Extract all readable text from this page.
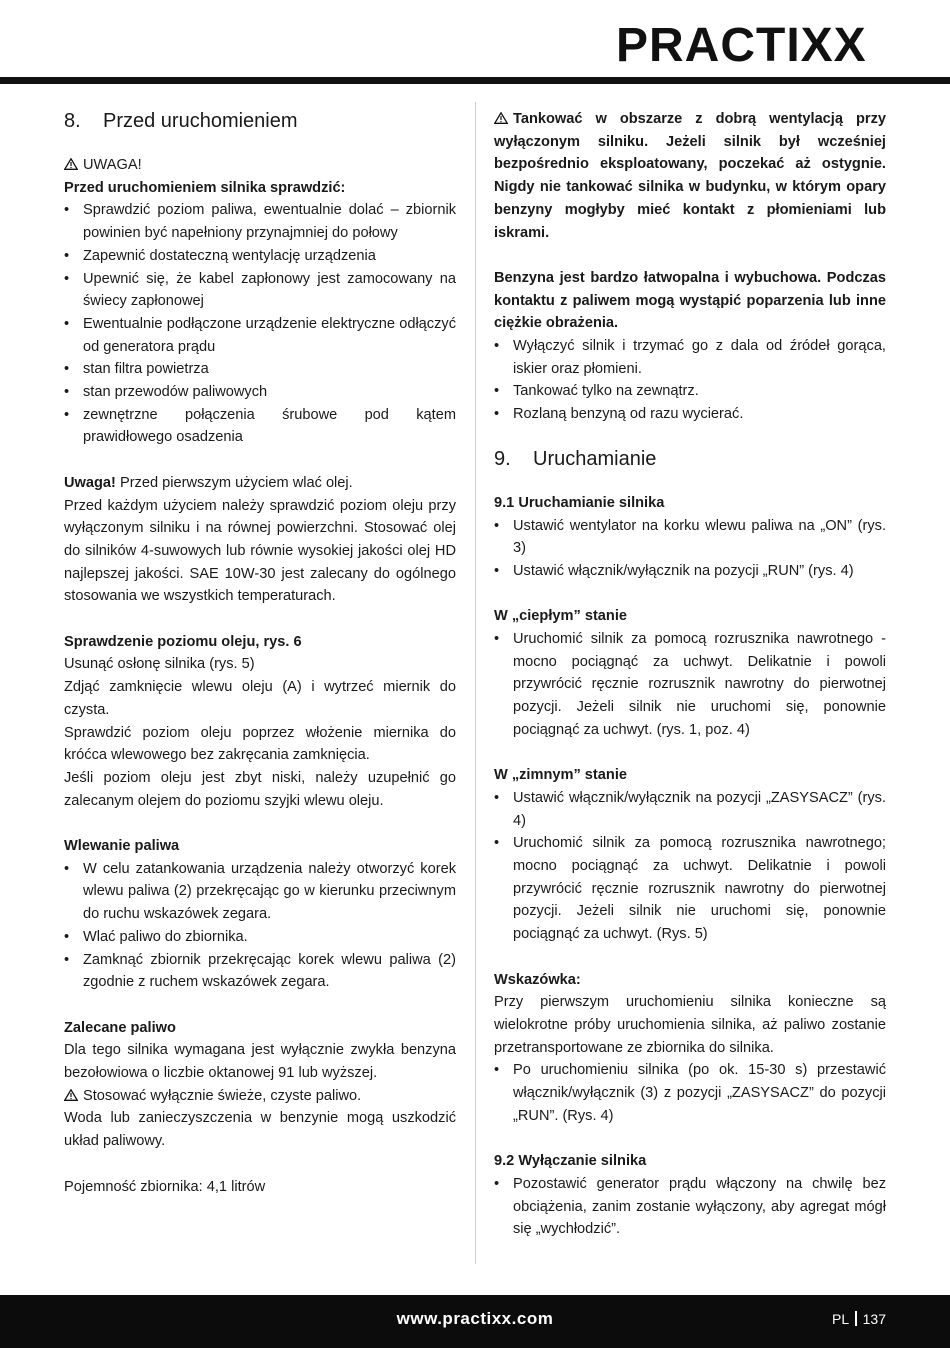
PRACTIXX
8.	Przed uruchomieniem

UWAGA!

Przed uruchomieniem silnika sprawdzić:

• Sprawdzić poziom paliwa, ewentualnie dolać – zbiornik powinien być napełniony przynajmniej do połowy
• Zapewnić dostateczną wentylację urządzenia
• Upewnić się, że kabel zapłonowy jest zamocowany na świecy zapłonowej
• Ewentualnie podłączone urządzenie elektryczne odłączyć od generatora prądu
• stan filtra powietrza
• stan przewodów paliwowych
• zewnętrzne połączenia śrubowe pod kątem prawidłowego osadzenia

Uwaga! Przed pierwszym użyciem wlać olej.

Przed każdym użyciem należy sprawdzić poziom oleju przy wyłączonym silniku i na równej powierzchni. Stosować olej do silników 4-suwowych lub równie wysokiej jakości olej HD najlepszej jakości. SAE 10W-30 jest zalecany do ogólnego stosowania we wszystkich temperaturach.

Sprawdzenie poziomu oleju, rys. 6

Usunąć osłonę silnika (rys. 5)

Zdjąć zamknięcie wlewu oleju (A) i wytrzeć miernik do czysta.

Sprawdzić poziom oleju poprzez włożenie miernika do króćca wlewowego bez zakręcania zamknięcia.

Jeśli poziom oleju jest zbyt niski, należy uzupełnić go zalecanym olejem do poziomu szyjki wlewu oleju.

Wlewanie paliwa

• W celu zatankowania urządzenia należy otworzyć korek wlewu paliwa (2) przekręcając go w kierunku przeciwnym do ruchu wskazówek zegara.
• Wlać paliwo do zbiornika.
• Zamknąć zbiornik przekręcając korek wlewu paliwa (2) zgodnie z ruchem wskazówek zegara.

Zalecane paliwo

Dla tego silnika wymagana jest wyłącznie zwykła benzyna bezołowiowa o liczbie oktanowej 91 lub wyższej.

Stosować wyłącznie świeże, czyste paliwo.

Woda lub zanieczyszczenia w benzynie mogą uszkodzić układ paliwowy.

Pojemność zbiornika: 4,1 litrów

Tankować w obszarze z dobrą wentylacją przy wyłączonym silniku. Jeżeli silnik był wcześniej bezpośrednio eksploatowany, poczekać aż ostygnie. Nigdy nie tankować silnika w budynku, w którym opary benzyny mogłyby mieć kontakt z płomieniami lub iskrami.

Benzyna jest bardzo łatwopalna i wybuchowa. Podczas kontaktu z paliwem mogą wystąpić poparzenia lub inne ciężkie obrażenia.

• Wyłączyć silnik i trzymać go z dala od źródeł gorąca, iskier oraz płomieni.
• Tankować tylko na zewnątrz.
• Rozlaną benzyną od razu wycierać.
9.	Uruchamianie

9.1 Uruchamianie silnika

• Ustawić wentylator na korku wlewu paliwa na „ON” (rys. 3)
• Ustawić włącznik/wyłącznik na pozycji „RUN” (rys. 4)

W „ciepłym” stanie

• Uruchomić silnik za pomocą rozrusznika nawrotnego - mocno pociągnąć za uchwyt. Delikatnie i powoli przywrócić ręcznie rozrusznik nawrotny do pierwotnej pozycji. Jeżeli silnik nie uruchomi się, ponownie pociągnąć za uchwyt. (rys. 1, poz. 4)

W „zimnym” stanie

• Ustawić włącznik/wyłącznik na pozycji „ZASYSACZ” (rys. 4)
• Uruchomić silnik za pomocą rozrusznika nawrotnego; mocno pociągnąć za uchwyt. Delikatnie i powoli przywrócić ręcznie rozrusznik nawrotny do pierwotnej pozycji. Jeżeli silnik nie uruchomi się, ponownie pociągnąć za uchwyt. (Rys. 5)

Wskazówka:

Przy pierwszym uruchomieniu silnika konieczne są wielokrotne próby uruchomienia silnika, aż paliwo zostanie przetransportowane ze zbiornika do silnika.

• Po uruchomieniu silnika (po ok. 15-30 s) przestawić włącznik/wyłącznik (3) z pozycji „ZASYSACZ” do pozycji „RUN”. (Rys. 4)

9.2 Wyłączanie silnika

• Pozostawić generator prądu włączony na chwilę bez obciążenia, zanim zostanie wyłączony, aby agregat mógł się „wychłodzić”.
www.practixx.com	PL 137
